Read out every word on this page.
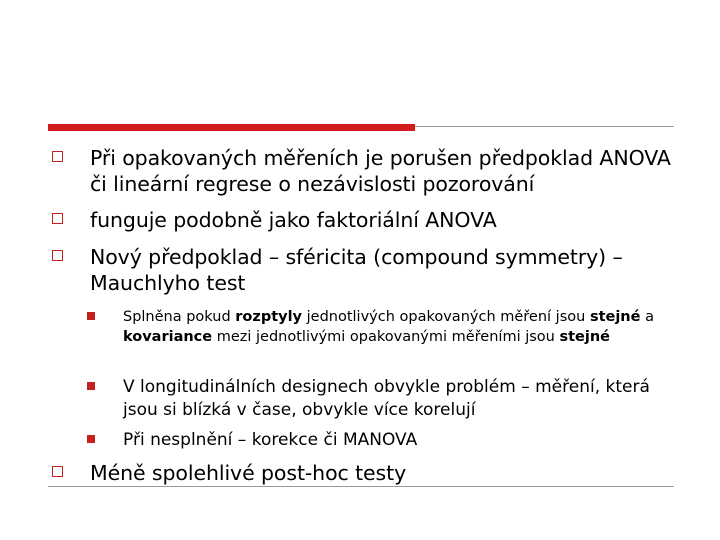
Při opakovaných měřeních je porušen předpoklad ANOVA či lineární regrese o nezávislosti pozorování
funguje podobně jako faktoriální ANOVA
Nový předpoklad – sféricita (compound symmetry) – Mauchlyho test
Splněna pokud rozptyly jednotlivých opakovaných měření jsou stejné a kovariance mezi jednotlivými opakovanými měřeními jsou stejné
V longitudinálních designech obvykle problém – měření, která jsou si blízká v čase, obvykle více korelují
Při nesplnění – korekce či MANOVA
Méně spolehlivé post-hoc testy
